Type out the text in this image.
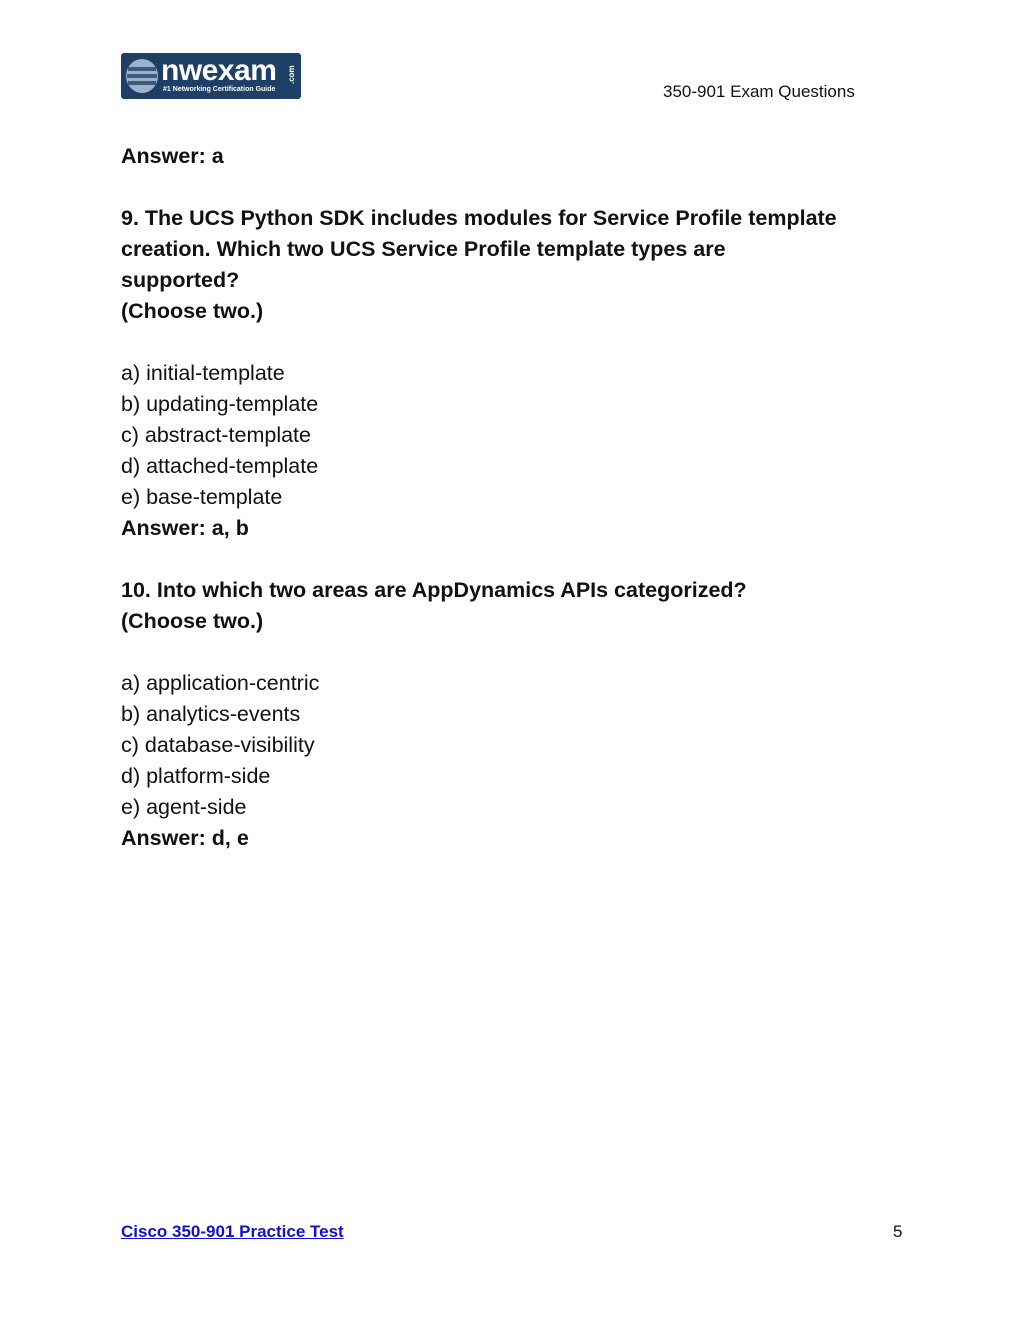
nwexam .com
#1 Networking Certification Guide	350-901 Exam Questions
Answer: a
9. The UCS Python SDK includes modules for Service Profile template
creation. Which two UCS Service Profile template types are
supported?
(Choose two.)
a) initial-template
b) updating-template
c) abstract-template
d) attached-template
e) base-template
Answer: a, b
10. Into which two areas are AppDynamics APIs categorized?
(Choose two.)
a) application-centric
b) analytics-events
c) database-visibility
d) platform-side
e) agent-side
Answer: d, e
Cisco 350-901 Practice Test	5
